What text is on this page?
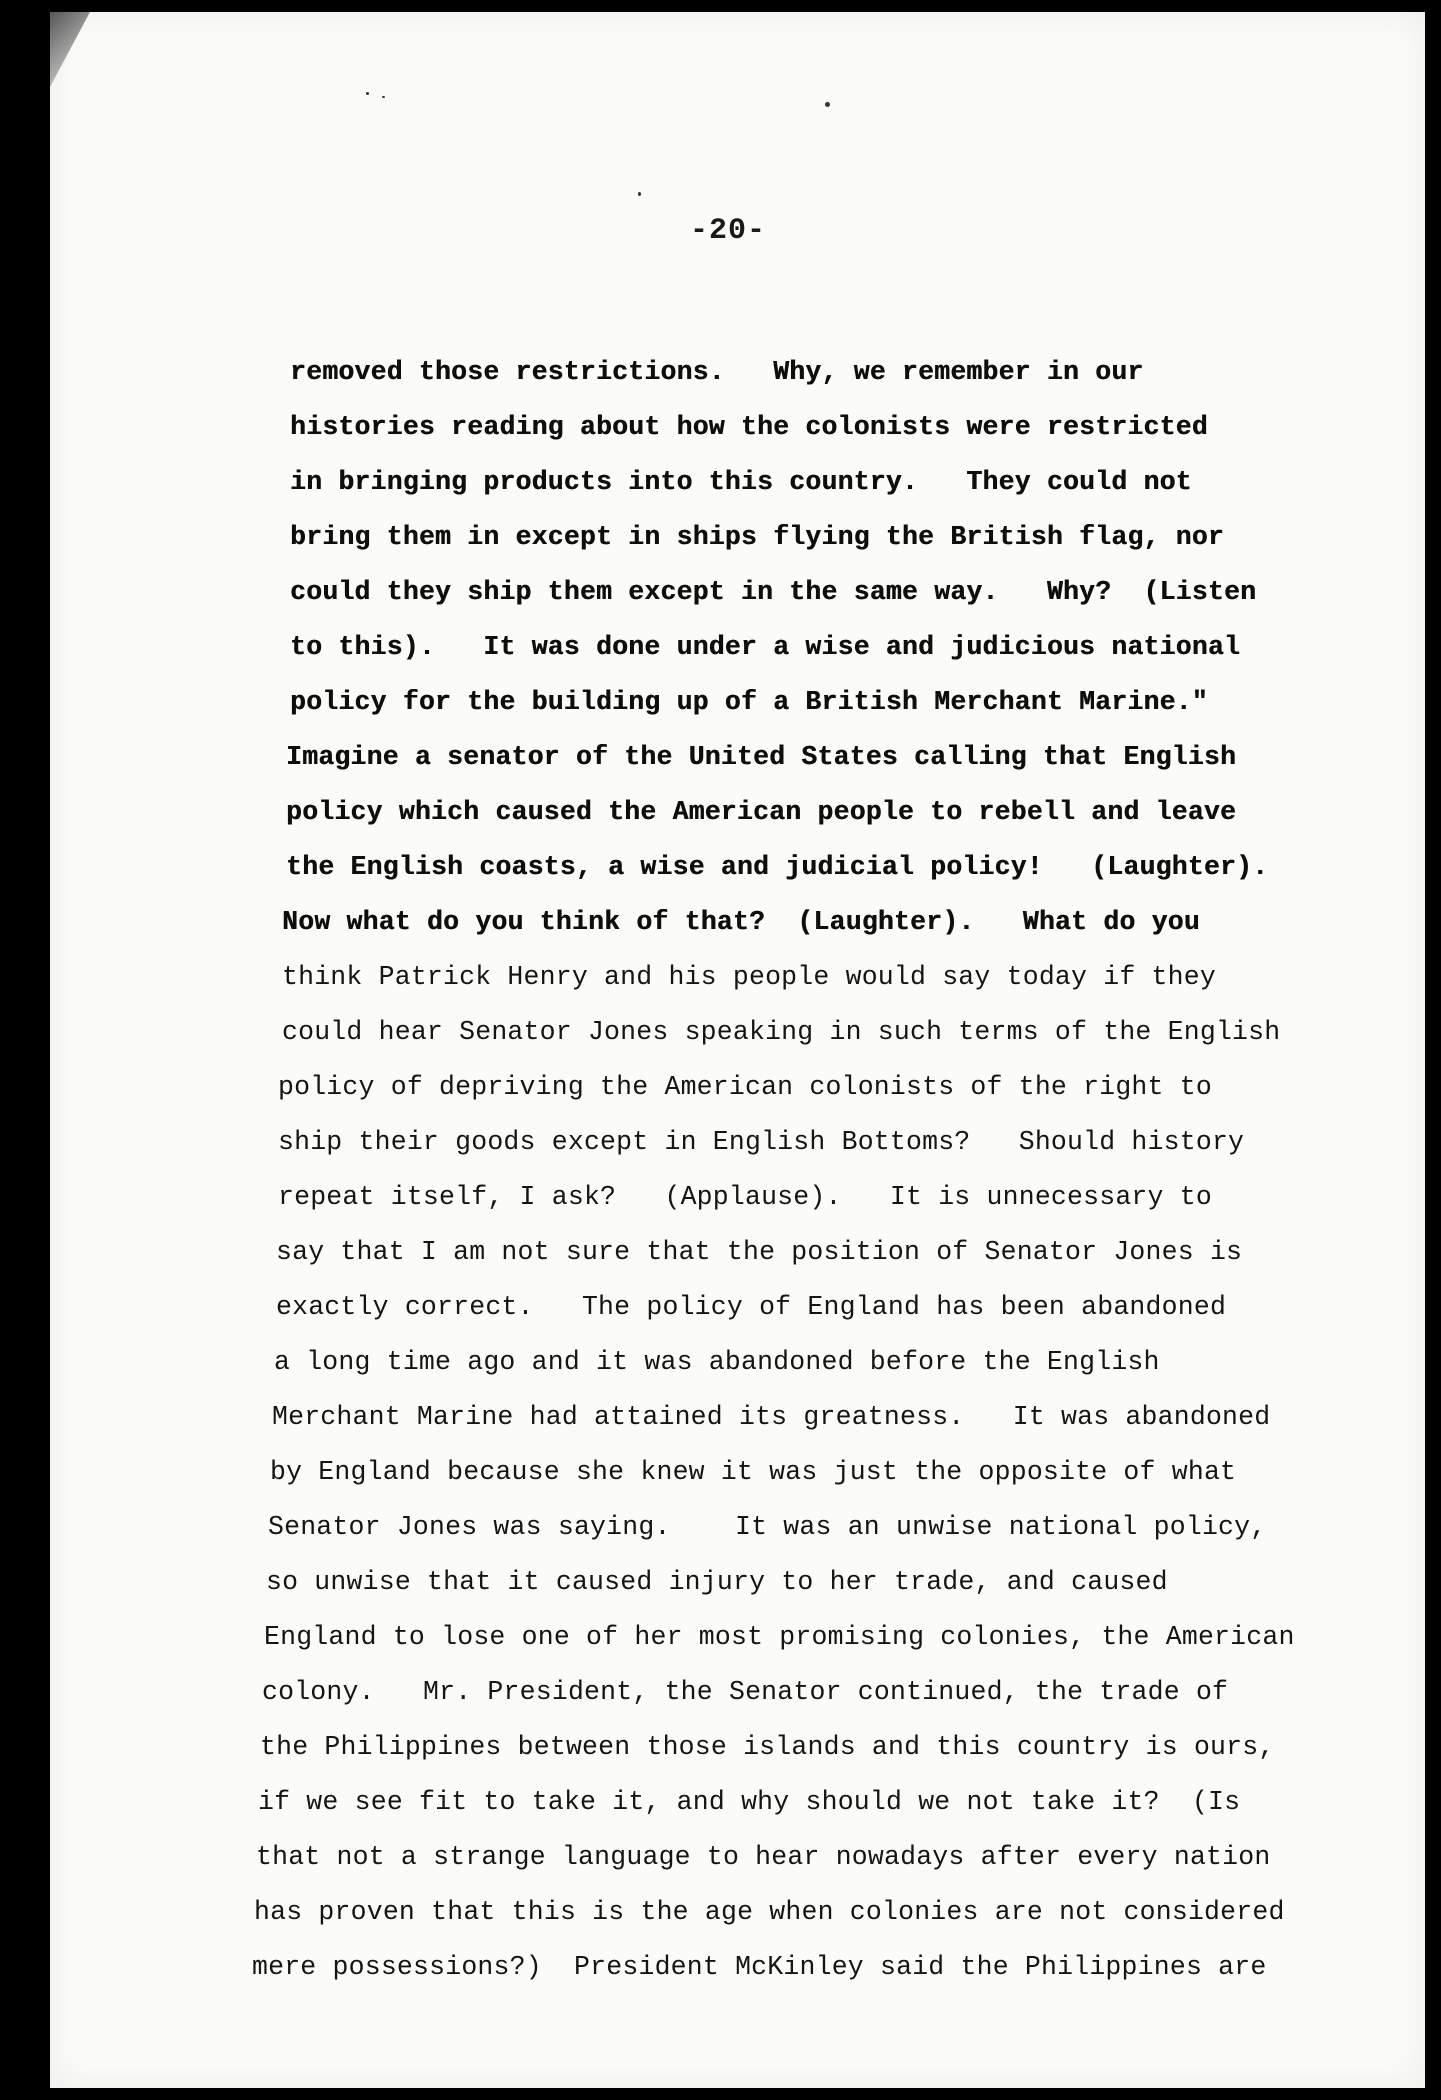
-20-
removed those restrictions.   Why, we remember in our
histories reading about how the colonists were restricted
in bringing products into this country.   They could not
bring them in except in ships flying the British flag, nor
could they ship them except in the same way.   Why?  (Listen
to this).   It was done under a wise and judicious national
policy for the building up of a British Merchant Marine."
Imagine a senator of the United States calling that English
policy which caused the American people to rebell and leave
the English coasts, a wise and judicial policy!   (Laughter).
Now what do you think of that?  (Laughter).   What do you
think Patrick Henry and his people would say today if they
could hear Senator Jones speaking in such terms of the English
policy of depriving the American colonists of the right to
ship their goods except in English Bottoms?   Should history
repeat itself, I ask?   (Applause).   It is unnecessary to
say that I am not sure that the position of Senator Jones is
exactly correct.   The policy of England has been abandoned
a long time ago and it was abandoned before the English
Merchant Marine had attained its greatness.   It was abandoned
by England because she knew it was just the opposite of what
Senator Jones was saying.    It was an unwise national policy,
so unwise that it caused injury to her trade, and caused
England to lose one of her most promising colonies, the American
colony.   Mr. President, the Senator continued, the trade of
the Philippines between those islands and this country is ours,
if we see fit to take it, and why should we not take it?  (Is
that not a strange language to hear nowadays after every nation
has proven that this is the age when colonies are not considered
mere possessions?)  President McKinley said the Philippines are
